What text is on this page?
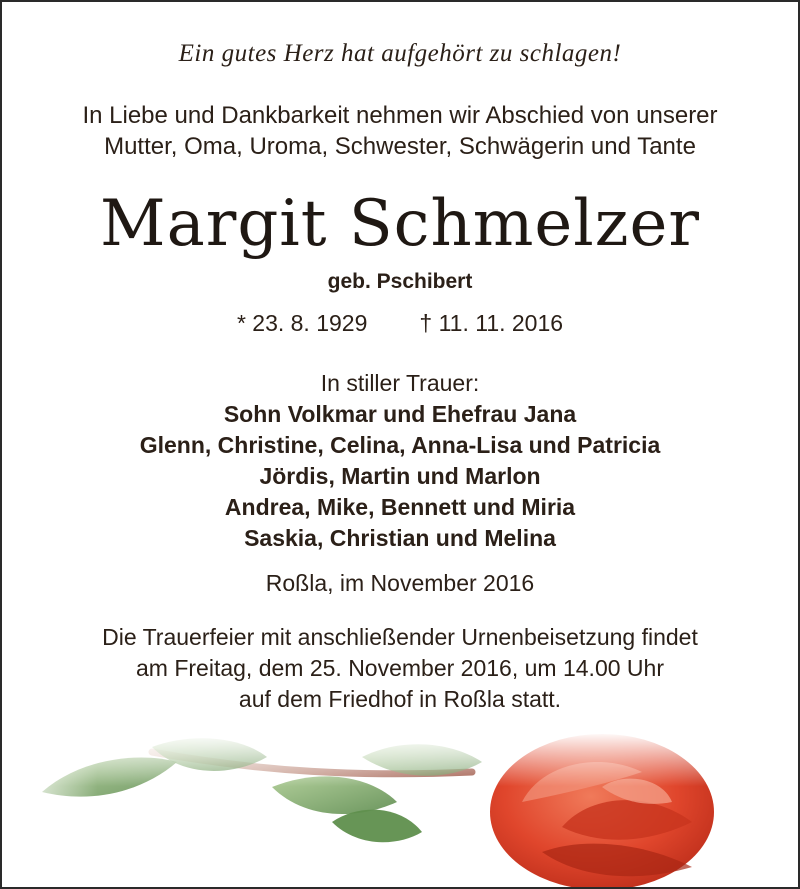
Ein gutes Herz hat aufgehört zu schlagen!
In Liebe und Dankbarkeit nehmen wir Abschied von unserer
Mutter, Oma, Uroma, Schwester, Schwägerin und Tante
Margit Schmelzer
geb. Pschibert
* 23. 8. 1929 † 11. 11. 2016
In stiller Trauer:
Sohn Volkmar und Ehefrau Jana
Glenn, Christine, Celina, Anna-Lisa und Patricia
Jördis, Martin und Marlon
Andrea, Mike, Bennett und Miria
Saskia, Christian und Melina
Roßla, im November 2016
Die Trauerfeier mit anschließender Urnenbeisetzung findet
am Freitag, dem 25. November 2016, um 14.00 Uhr
auf dem Friedhof in Roßla statt.
